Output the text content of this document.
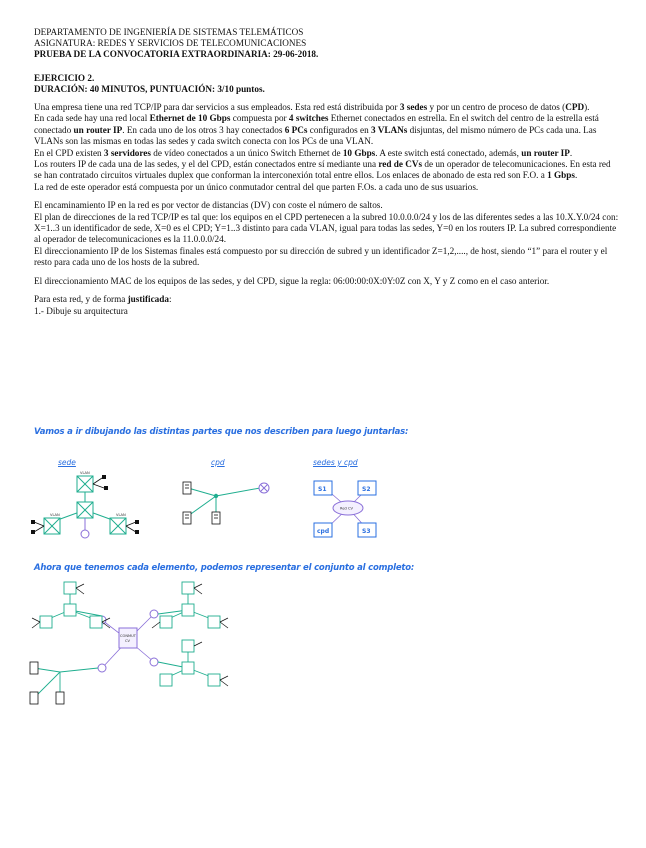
DEPARTAMENTO DE INGENIERÍA DE SISTEMAS TELEMÁTICOS
ASIGNATURA: REDES Y SERVICIOS DE TELECOMUNICACIONES
PRUEBA DE LA CONVOCATORIA EXTRAORDINARIA: 29-06-2018.
EJERCICIO 2.
DURACIÓN: 40 MINUTOS, PUNTUACIÓN: 3/10 puntos.

Una empresa tiene una red TCP/IP para dar servicios a sus empleados. Esta red está distribuida por 3 sedes y por un centro de proceso de datos (CPD).

En cada sede hay una red local Ethernet de 10 Gbps compuesta por 4 switches Ethernet conectados en estrella. En el switch del centro de la estrella está conectado un router IP. En cada uno de los otros 3 hay conectados 6 PCs configurados en 3 VLANs disjuntas, del mismo número de PCs cada una. Las VLANs son las mismas en todas las sedes y cada switch conecta con los PCs de una VLAN.

En el CPD existen 3 servidores de vídeo conectados a un único Switch Ethernet de 10 Gbps. A este switch está conectado, además, un router IP.

Los routers IP de cada una de las sedes, y el del CPD, están conectados entre sí mediante una red de CVs de un operador de telecomunicaciones. En esta red se han contratado circuitos virtuales duplex que conforman la interconexión total entre ellos. Los enlaces de abonado de esta red son F.O. a 1 Gbps.

La red de este operador está compuesta por un único conmutador central del que parten F.Os. a cada uno de sus usuarios.

El encaminamiento IP en la red es por vector de distancias (DV) con coste el número de saltos.

El plan de direcciones de la red TCP/IP es tal que: los equipos en el CPD pertenecen a la subred 10.0.0.0/24 y los de las diferentes sedes a las 10.X.Y.0/24 con: X=1..3 un identificador de sede, X=0 es el CPD; Y=1..3 distinto para cada VLAN, igual para todas las sedes, Y=0 en los routers IP. La subred correspondiente al operador de telecomunicaciones es la 11.0.0.0/24.

El direccionamiento IP de los Sistemas finales está compuesto por su dirección de subred y un identificador Z=1,2,...., de host, siendo “1” para el router y el resto para cada uno de los hosts de la subred.

El direccionamiento MAC de los equipos de las sedes, y del CPD, sigue la regla: 06:00:00:0X:0Y:0Z con X, Y y Z como en el caso anterior.

Para esta red, y de forma justificada:

1.- Dibuje su arquitectura

Vamos a ir dibujando las distintas partes que nos describen para luego juntarlas:
sede	cpd	sedes y cpd
VLAN	VLAN
VLAN
Red CV
S1	S2
cpd	S3
Ahora que tenemos cada elemento, podemos representar el conjunto al completo:
CONMUT
CV
